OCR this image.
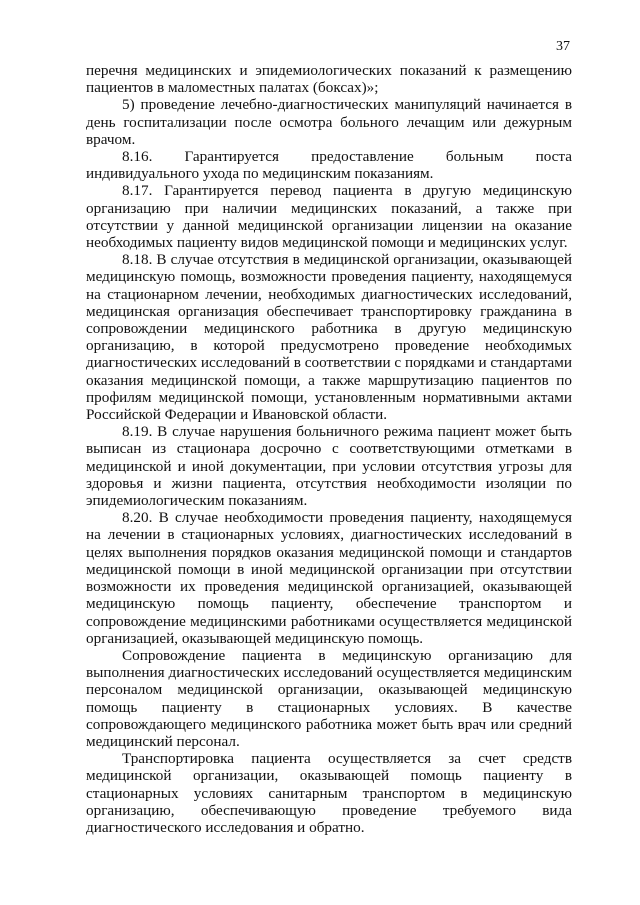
37

перечня медицинских и эпидемиологических показаний к размещению пациентов в маломестных палатах (боксах)»;

5) проведение лечебно-диагностических манипуляций начинается в день госпитализации после осмотра больного лечащим или дежурным врачом.

8.16. Гарантируется предоставление больным поста индивидуального ухода по медицинским показаниям.

8.17. Гарантируется перевод пациента в другую медицинскую организацию при наличии медицинских показаний, а также при отсутствии у данной медицинской организации лицензии на оказание необходимых пациенту видов медицинской помощи и медицинских услуг.

8.18. В случае отсутствия в медицинской организации, оказывающей медицинскую помощь, возможности проведения пациенту, находящемуся на стационарном лечении, необходимых диагностических исследований, медицинская организация обеспечивает транспортировку гражданина в сопровождении медицинского работника в другую медицинскую организацию, в которой предусмотрено проведение необходимых диагностических исследований в соответствии с порядками и стандартами оказания медицинской помощи, а также маршрутизацию пациентов по профилям медицинской помощи, установленным нормативными актами Российской Федерации и Ивановской области.

8.19. В случае нарушения больничного режима пациент может быть выписан из стационара досрочно с соответствующими отметками в медицинской и иной документации, при условии отсутствия угрозы для здоровья и жизни пациента, отсутствия необходимости изоляции по эпидемиологическим показаниям.

8.20. В случае необходимости проведения пациенту, находящемуся на лечении в стационарных условиях, диагностических исследований в целях выполнения порядков оказания медицинской помощи и стандартов медицинской помощи в иной медицинской организации при отсутствии возможности их проведения медицинской организацией, оказывающей медицинскую помощь пациенту, обеспечение транспортом и сопровождение медицинскими работниками осуществляется медицинской организацией, оказывающей медицинскую помощь.

Сопровождение пациента в медицинскую организацию для выполнения диагностических исследований осуществляется медицинским персоналом медицинской организации, оказывающей медицинскую помощь пациенту в стационарных условиях. В качестве сопровождающего медицинского работника может быть врач или средний медицинский персонал.

Транспортировка пациента осуществляется за счет средств медицинской организации, оказывающей помощь пациенту в стационарных условиях санитарным транспортом в медицинскую организацию, обеспечивающую проведение требуемого вида диагностического исследования и обратно.
